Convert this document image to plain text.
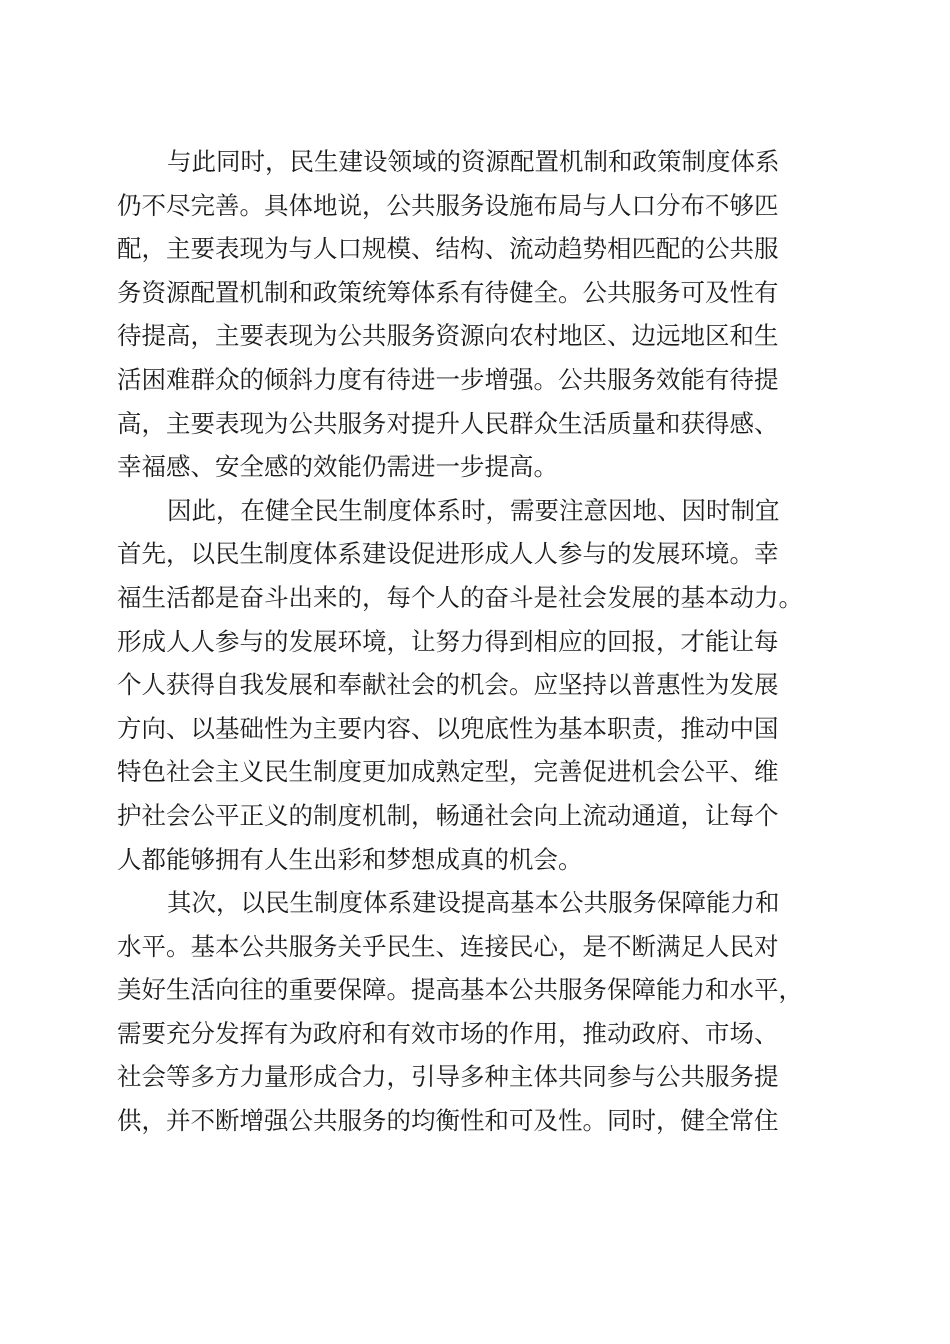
与此同时，民生建设领域的资源配置机制和政策制度体系
仍不尽完善。具体地说，公共服务设施布局与人口分布不够匹
配，主要表现为与人口规模、结构、流动趋势相匹配的公共服
务资源配置机制和政策统筹体系有待健全。公共服务可及性有
待提高，主要表现为公共服务资源向农村地区、边远地区和生
活困难群众的倾斜力度有待进一步增强。公共服务效能有待提
高，主要表现为公共服务对提升人民群众生活质量和获得感、
幸福感、安全感的效能仍需进一步提高。
因此，在健全民生制度体系时，需要注意因地、因时制宜
首先，以民生制度体系建设促进形成人人参与的发展环境。幸
福生活都是奋斗出来的，每个人的奋斗是社会发展的基本动力。
形成人人参与的发展环境，让努力得到相应的回报，才能让每
个人获得自我发展和奉献社会的机会。应坚持以普惠性为发展
方向、以基础性为主要内容、以兜底性为基本职责，推动中国
特色社会主义民生制度更加成熟定型，完善促进机会公平、维
护社会公平正义的制度机制，畅通社会向上流动通道，让每个
人都能够拥有人生出彩和梦想成真的机会。
其次，以民生制度体系建设提高基本公共服务保障能力和
水平。基本公共服务关乎民生、连接民心，是不断满足人民对
美好生活向往的重要保障。提高基本公共服务保障能力和水平，
需要充分发挥有为政府和有效市场的作用，推动政府、市场、
社会等多方力量形成合力，引导多种主体共同参与公共服务提
供，并不断增强公共服务的均衡性和可及性。同时，健全常住
